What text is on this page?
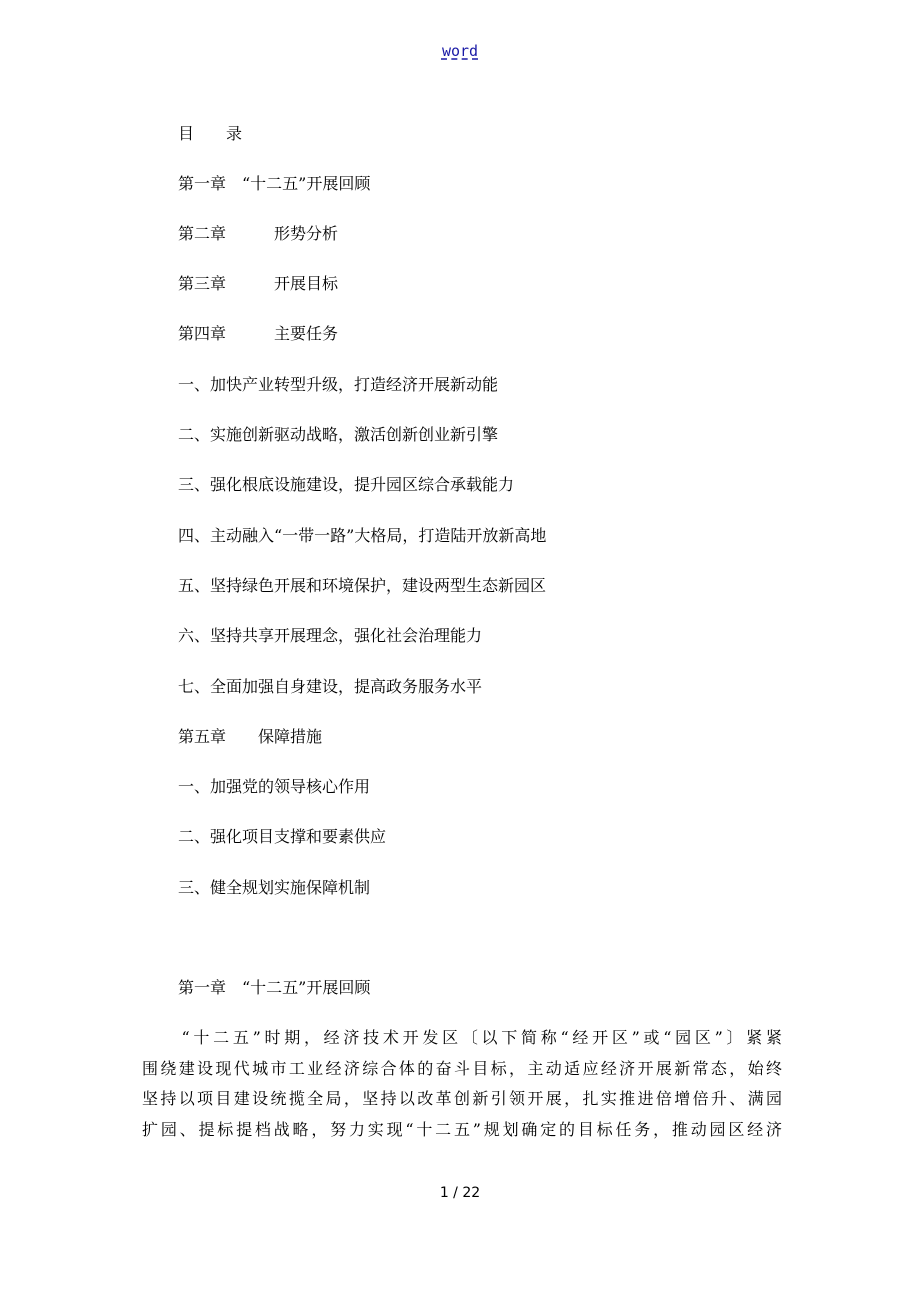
word
目　　录
第一章　“十二五”开展回顾
第二章　　　形势分析
第三章　　　开展目标
第四章　　　主要任务
一、加快产业转型升级，打造经济开展新动能
二、实施创新驱动战略，激活创新创业新引擎
三、强化根底设施建设，提升园区综合承载能力
四、主动融入“一带一路”大格局，打造陆开放新高地
五、坚持绿色开展和环境保护，建设两型生态新园区
六、坚持共享开展理念，强化社会治理能力
七、全面加强自身建设，提高政务服务水平
第五章　　保障措施
一、加强党的领导核心作用
二、强化项目支撑和要素供应
三、健全规划实施保障机制
第一章　“十二五”开展回顾
　　“十二五”时期，经济技术开发区〔以下简称“经开区”或“园区”〕紧紧
围绕建设现代城市工业经济综合体的奋斗目标，主动适应经济开展新常态，始终
坚持以项目建设统揽全局，坚持以改革创新引领开展，扎实推进倍增倍升、满园
扩园、提标提档战略，努力实现“十二五”规划确定的目标任务，推动园区经济
1 / 22
